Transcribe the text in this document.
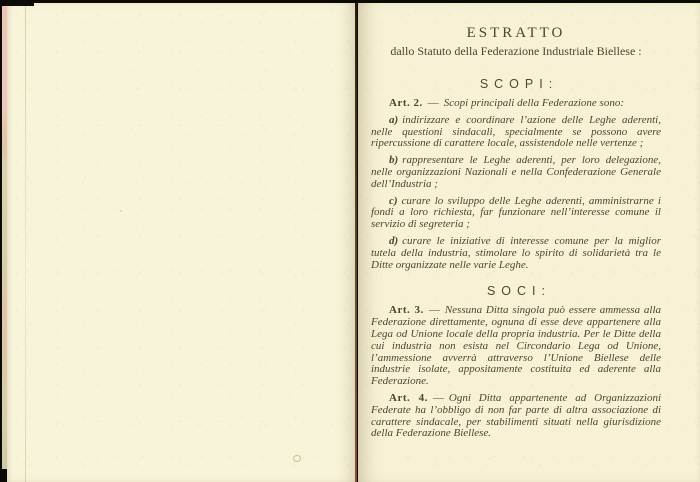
ESTRATTO
dallo Statuto della Federazione Industriale Biellese :
SCOPI:

Art. 2. — Scopi principali della Federazione sono:

a) indirizzare e coordinare l’azione delle Leghe aderenti, nelle questioni sindacali, specialmente se possono avere ripercussione di carattere locale, assistendole nelle vertenze ;

b) rappresentare le Leghe aderenti, per loro delegazione, nelle organizzazioni Nazionali e nella Confederazione Generale dell’Industria ;

c) curare lo sviluppo delle Leghe aderenti, amministrarne i fondi a loro richiesta, far funzionare nell’interesse comune il servizio di segreteria ;

d) curare le iniziative di interesse comune per la miglior tutela della industria, stimolare lo spirito di solidarietà tra le Ditte organizzate nelle varie Leghe.

SOCI:

Art. 3. — Nessuna Ditta singola può essere ammessa alla Federazione direttamente, ognuna di esse deve appartenere alla Lega od Unione locale della propria industria. Per le Ditte della cui industria non esista nel Circondario Lega od Unione, l’ammessione avverrà attraverso l’Unione Biellese delle industrie isolate, appositamente costituita ed aderente alla Federazione.

Art. 4. — Ogni Ditta appartenente ad Organizzazioni Federate ha l’obbligo di non far parte di altra associazione di carattere sindacale, per stabilimenti situati nella giurisdizione della Federazione Biellese.
